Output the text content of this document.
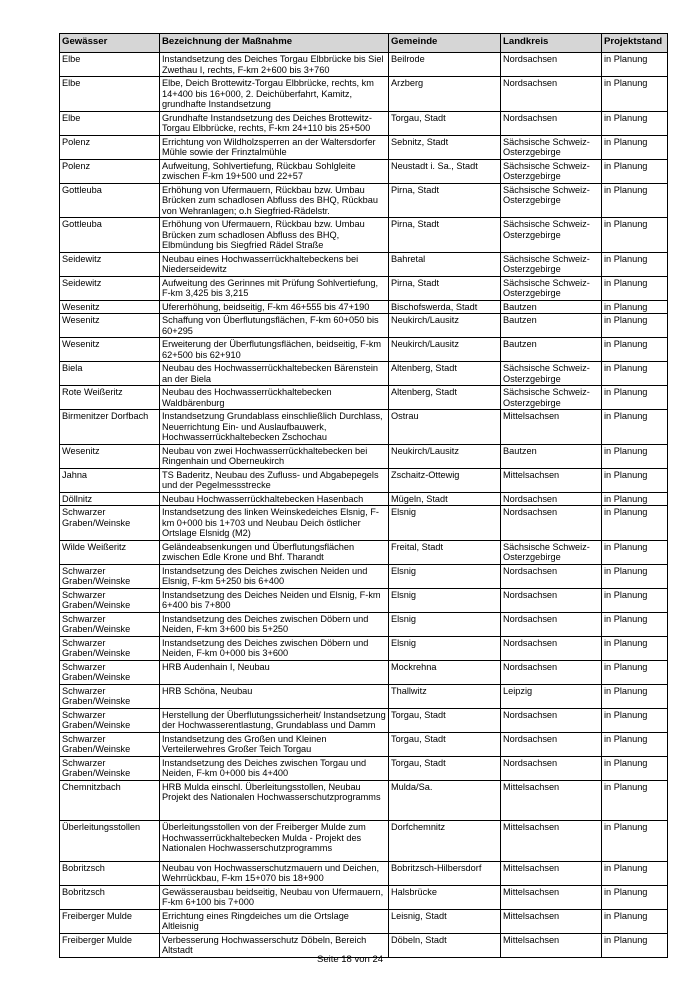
Gewässer	Bezeichnung der Maßnahme	Gemeinde	Landkreis	Projektstand
Elbe	Instandsetzung des Deiches Torgau Elbbrücke bis Siel Zwethau I, rechts, F-km 2+600 bis 3+760	Beilrode	Nordsachsen	in Planung
Elbe	Elbe, Deich Brottewitz-Torgau Elbbrücke, rechts, km 14+400 bis 16+000, 2. Deichüberfahrt, Kamitz, grundhafte Instandsetzung	Arzberg	Nordsachsen	in Planung
Elbe	Grundhafte Instandsetzung des Deiches Brottewitz-Torgau Elbbrücke, rechts, F-km 24+110 bis 25+500	Torgau, Stadt	Nordsachsen	in Planung
Polenz	Errichtung von Wildholzsperren an der Waltersdorfer Mühle sowie der Frinztalmühle	Sebnitz, Stadt	Sächsische Schweiz-Osterzgebirge	in Planung
Polenz	Aufweitung, Sohlvertiefung, Rückbau Sohlgleite zwischen F-km 19+500 und 22+57	Neustadt i. Sa., Stadt	Sächsische Schweiz-Osterzgebirge	in Planung
Gottleuba	Erhöhung von Ufermauern, Rückbau bzw. Umbau Brücken zum schadlosen Abfluss des BHQ, Rückbau von Wehranlagen; o.h Siegfried-Rädelstr.	Pirna, Stadt	Sächsische Schweiz-Osterzgebirge	in Planung
Gottleuba	Erhöhung von Ufermauern, Rückbau bzw. Umbau Brücken zum schadlosen Abfluss des BHQ, Elbmündung bis Siegfried Rädel Straße	Pirna, Stadt	Sächsische Schweiz-Osterzgebirge	in Planung
Seidewitz	Neubau eines Hochwasserrückhaltebeckens bei Niederseidewitz	Bahretal	Sächsische Schweiz-Osterzgebirge	in Planung
Seidewitz	Aufweitung des Gerinnes mit Prüfung Sohlvertiefung, F-km 3,425 bis 3,215	Pirna, Stadt	Sächsische Schweiz-Osterzgebirge	in Planung
Wesenitz	Ufererhöhung, beidseitig, F-km 46+555 bis 47+190	Bischofswerda, Stadt	Bautzen	in Planung
Wesenitz	Schaffung von Überflutungsflächen, F-km 60+050 bis 60+295	Neukirch/Lausitz	Bautzen	in Planung
Wesenitz	Erweiterung der Überflutungsflächen, beidseitig, F-km 62+500 bis 62+910	Neukirch/Lausitz	Bautzen	in Planung
Biela	Neubau des Hochwasserrückhaltebecken Bärenstein an der Biela	Altenberg, Stadt	Sächsische Schweiz-Osterzgebirge	in Planung
Rote Weißeritz	Neubau des Hochwasserrückhaltebecken Waldbärenburg	Altenberg, Stadt	Sächsische Schweiz-Osterzgebirge	in Planung
Birmenitzer Dorfbach	Instandsetzung Grundablass einschließlich Durchlass, Neuerrichtung Ein- und Auslaufbauwerk, Hochwasserrückhaltebecken Zschochau	Ostrau	Mittelsachsen	in Planung
Wesenitz	Neubau von zwei Hochwasserrückhaltebecken bei Ringenhain und Oberneukirch	Neukirch/Lausitz	Bautzen	in Planung
Jahna	TS Baderitz, Neubau des Zufluss- und Abgabepegels und der Pegelmessstrecke	Zschaitz-Ottewig	Mittelsachsen	in Planung
Döllnitz	Neubau Hochwasserrückhaltebecken Hasenbach	Mügeln, Stadt	Nordsachsen	in Planung
Schwarzer Graben/Weinske	Instandsetzung des linken Weinskedeiches Elsnig, F-km 0+000 bis 1+703 und Neubau Deich östlicher Ortslage Elsnidg (M2)	Elsnig	Nordsachsen	in Planung
Wilde Weißeritz	Geländeabsenkungen und Überflutungsflächen zwischen Edle Krone und Bhf. Tharandt	Freital, Stadt	Sächsische Schweiz-Osterzgebirge	in Planung
Schwarzer Graben/Weinske	Instandsetzung des Deiches zwischen Neiden und Elsnig, F-km 5+250 bis 6+400	Elsnig	Nordsachsen	in Planung
Schwarzer Graben/Weinske	Instandsetzung des Deiches Neiden und Elsnig, F-km 6+400 bis 7+800	Elsnig	Nordsachsen	in Planung
Schwarzer Graben/Weinske	Instandsetzung des Deiches zwischen Döbern und Neiden, F-km 3+600 bis 5+250	Elsnig	Nordsachsen	in Planung
Schwarzer Graben/Weinske	Instandsetzung des Deiches zwischen Döbern und Neiden, F-km 0+000 bis 3+600	Elsnig	Nordsachsen	in Planung
Schwarzer Graben/Weinske	HRB Audenhain I, Neubau	Mockrehna	Nordsachsen	in Planung
Schwarzer Graben/Weinske	HRB Schöna, Neubau	Thallwitz	Leipzig	in Planung
Schwarzer Graben/Weinske	Herstellung der Überflutungssicherheit/ Instandsetzung der Hochwasserentlastung, Grundablass und Damm	Torgau, Stadt	Nordsachsen	in Planung
Schwarzer Graben/Weinske	Instandsetzung des Großen und Kleinen Verteilerwehres Großer Teich Torgau	Torgau, Stadt	Nordsachsen	in Planung
Schwarzer Graben/Weinske	Instandsetzung des Deiches zwischen Torgau und Neiden, F-km 0+000 bis 4+400	Torgau, Stadt	Nordsachsen	in Planung
Chemnitzbach	HRB Mulda einschl. Überleitungsstollen, Neubau Projekt des Nationalen Hochwasserschutzprogramms	Mulda/Sa.	Mittelsachsen	in Planung
Überleitungsstollen	Überleitungsstollen von der Freiberger Mulde zum Hochwasserrückhaltebecken Mulda - Projekt des Nationalen Hochwasserschutzprogramms	Dorfchemnitz	Mittelsachsen	in Planung
Bobritzsch	Neubau von Hochwasserschutzmauern und Deichen, Wehrrückbau, F-km 15+070 bis 18+900	Bobritzsch-Hilbersdorf	Mittelsachsen	in Planung
Bobritzsch	Gewässerausbau beidseitig, Neubau von Ufermauern, F-km 6+100 bis 7+000	Halsbrücke	Mittelsachsen	in Planung
Freiberger Mulde	Errichtung eines Ringdeiches um die Ortslage Altleisnig	Leisnig, Stadt	Mittelsachsen	in Planung
Freiberger Mulde	Verbesserung Hochwasserschutz Döbeln, Bereich Altstadt	Döbeln, Stadt	Mittelsachsen	in Planung
Seite 18 von 24
